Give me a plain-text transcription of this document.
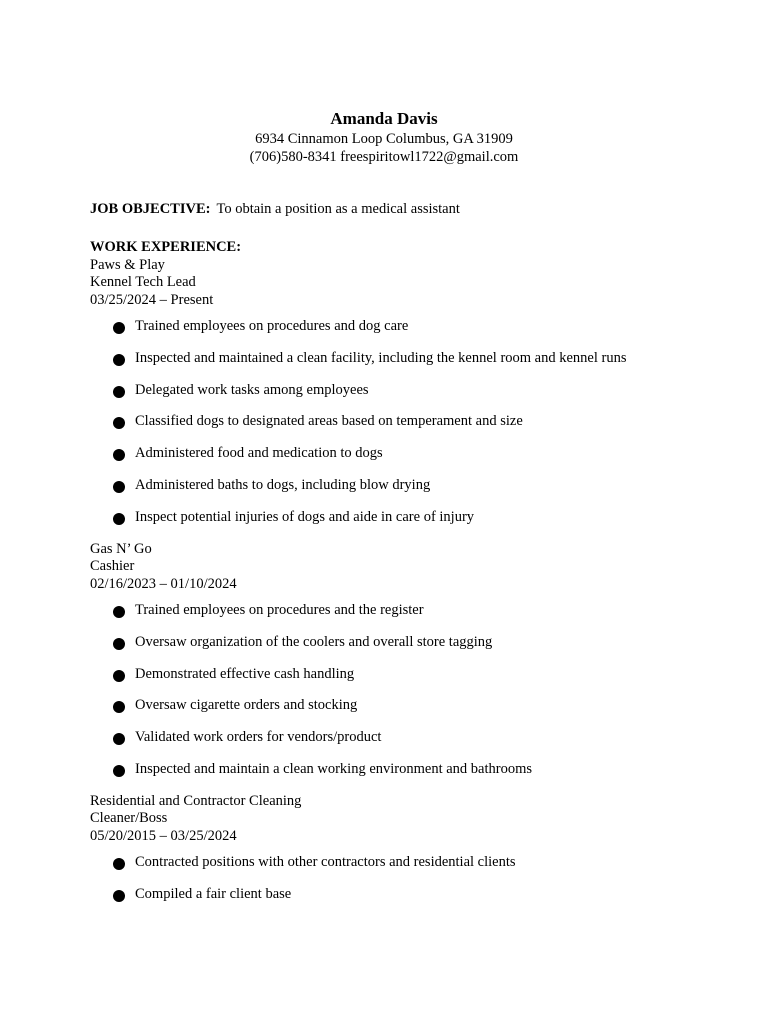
Amanda Davis
6934 Cinnamon Loop Columbus, GA 31909
(706)580-8341 freespiritowl1722@gmail.com
JOB OBJECTIVE: To obtain a position as a medical assistant
WORK EXPERIENCE:
Paws & Play
Kennel Tech Lead
03/25/2024 – Present
Trained employees on procedures and dog care
Inspected and maintained a clean facility, including the kennel room and kennel runs
Delegated work tasks among employees
Classified dogs to designated areas based on temperament and size
Administered food and medication to dogs
Administered baths to dogs, including blow drying
Inspect potential injuries of dogs and aide in care of injury
Gas N’ Go
Cashier
02/16/2023 – 01/10/2024
Trained employees on procedures and the register
Oversaw organization of the coolers and overall store tagging
Demonstrated effective cash handling
Oversaw cigarette orders and stocking
Validated work orders for vendors/product
Inspected and maintain a clean working environment and bathrooms
Residential and Contractor Cleaning
Cleaner/Boss
05/20/2015 – 03/25/2024
Contracted positions with other contractors and residential clients
Compiled a fair client base
